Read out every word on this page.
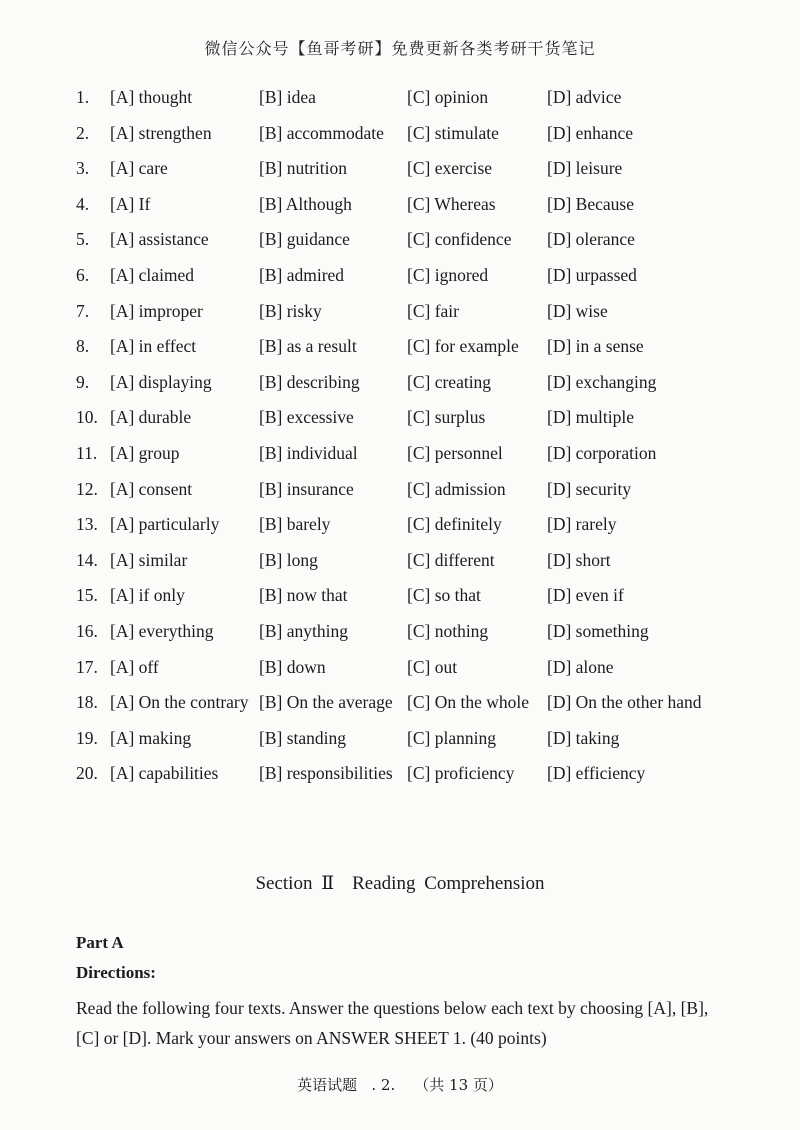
微信公众号【鱼哥考研】免费更新各类考研干货笔记
1. [A] thought	[B] idea	[C] opinion	[D] advice
2. [A] strengthen	[B] accommodate [C] stimulate	[D] enhance
3. [A] care	[B] nutrition	[C] exercise	[D] leisure
4. [A] If	[B] Although	[C] Whereas	[D] Because
5. [A] assistance	[B] guidance	[C] confidence [D] olerance
6. [A] claimed	[B] admired	[C] ignored	[D] urpassed
7. [A] improper	[B] risky	[C] fair	[D] wise
8. [A] in effect	[B] as a result	[C] for example [D] in a sense
9. [A] displaying	[B] describing	[C] creating	[D] exchanging
10. [A] durable	[B] excessive	[C] surplus	[D] multiple
11. [A] group	[B] individual	[C] personnel	[D] corporation
12. [A] consent	[B] insurance	[C] admission [D] security
13. [A] particularly [B] barely	[C] definitely	[D] rarely
14. [A] similar	[B] long	[C] different	[D] short
15. [A] if only	[B] now that	[C] so that	[D] even if
16. [A] everything	[B] anything	[C] nothing	[D] something
17. [A] off	[B] down	[C] out	[D] alone
18. [A] On the contrary [B] On the average [C] On the whole [D] On the other hand
19. [A] making	[B] standing	[C] planning	[D] taking
20. [A] capabilities [B] responsibilities [C] proficiency [D] efficiency
Section Ⅱ Reading Comprehension
Part A
Directions:
Read the following four texts. Answer the questions below each text by choosing [A], [B], [C] or [D]. Mark your answers on ANSWER SHEET 1. (40 points)
英语试题   . 2.    （共 13 页）
